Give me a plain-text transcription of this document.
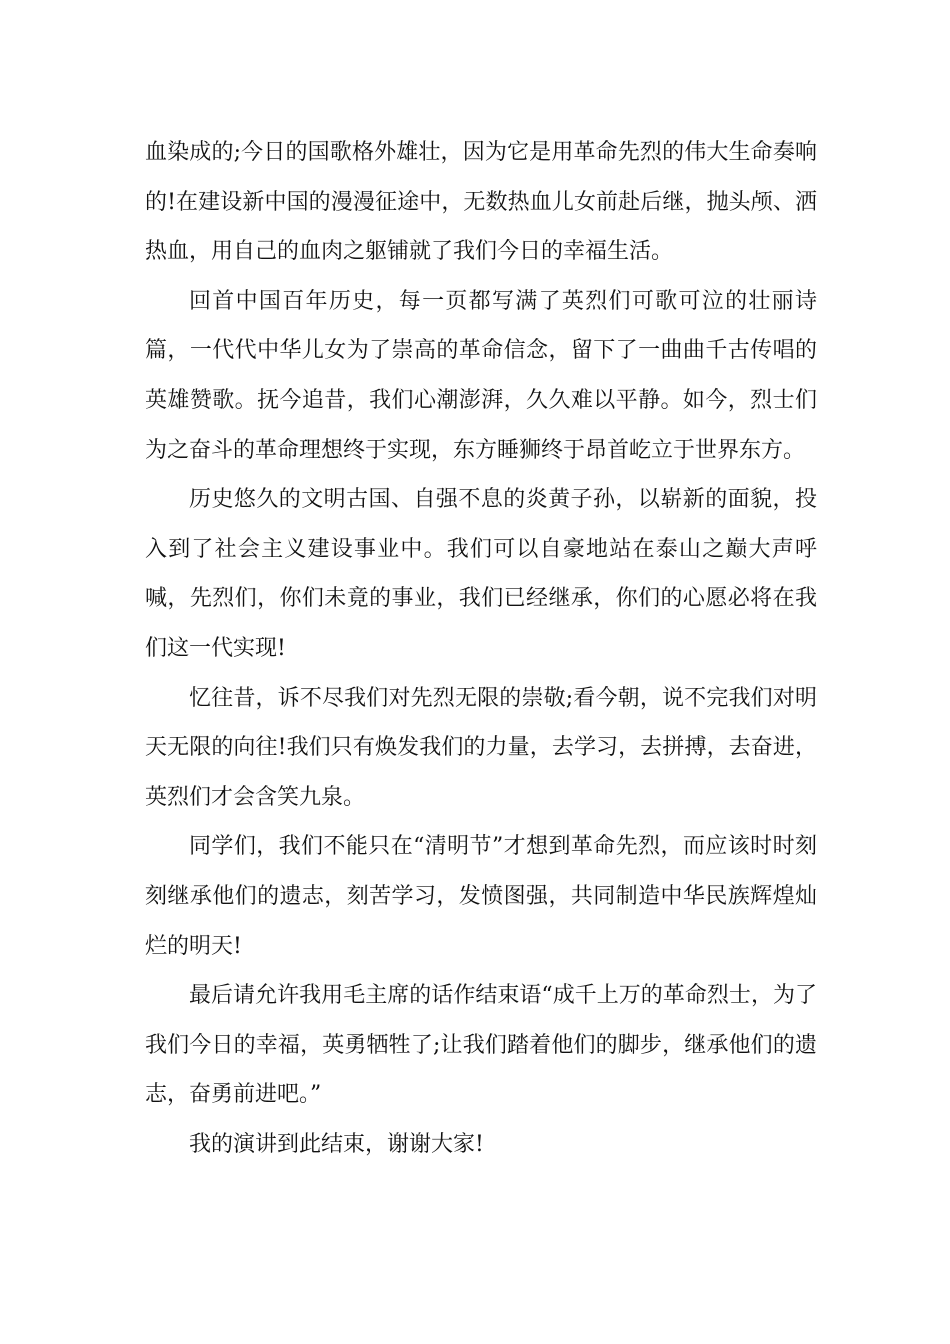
血染成的;今日的国歌格外雄壮，因为它是用革命先烈的伟大生命奏响的!在建设新中国的漫漫征途中，无数热血儿女前赴后继，抛头颅、洒热血，用自己的血肉之躯铺就了我们今日的幸福生活。

回首中国百年历史，每一页都写满了英烈们可歌可泣的壮丽诗篇，一代代中华儿女为了崇高的革命信念，留下了一曲曲千古传唱的英雄赞歌。抚今追昔，我们心潮澎湃，久久难以平静。如今，烈士们为之奋斗的革命理想终于实现，东方睡狮终于昂首屹立于世界东方。

历史悠久的文明古国、自强不息的炎黄子孙，以崭新的面貌，投入到了社会主义建设事业中。我们可以自豪地站在泰山之巅大声呼喊，先烈们，你们未竟的事业，我们已经继承，你们的心愿必将在我们这一代实现!

忆往昔，诉不尽我们对先烈无限的崇敬;看今朝，说不完我们对明天无限的向往!我们只有焕发我们的力量，去学习，去拼搏，去奋进，英烈们才会含笑九泉。

同学们，我们不能只在“清明节”才想到革命先烈，而应该时时刻刻继承他们的遗志，刻苦学习，发愤图强，共同制造中华民族辉煌灿烂的明天!

最后请允许我用毛主席的话作结束语“成千上万的革命烈士，为了我们今日的幸福，英勇牺牲了;让我们踏着他们的脚步，继承他们的遗志，奋勇前进吧。”

我的演讲到此结束，谢谢大家!
